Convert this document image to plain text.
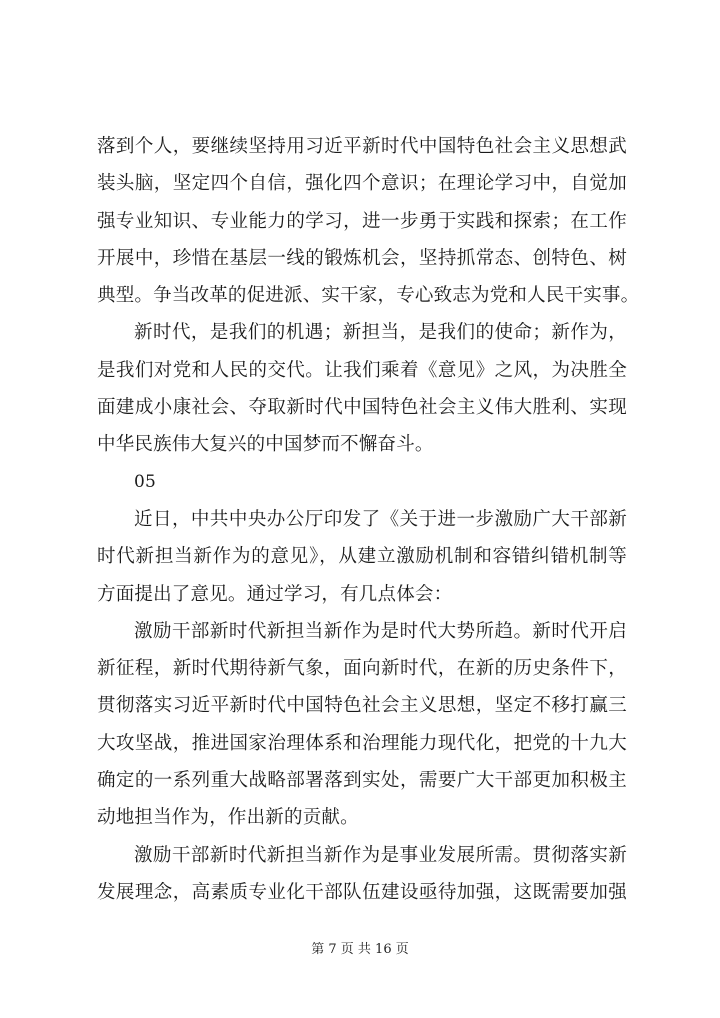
落到个人，要继续坚持用习近平新时代中国特色社会主义思想武
装头脑，坚定四个自信，强化四个意识；在理论学习中，自觉加
强专业知识、专业能力的学习，进一步勇于实践和探索；在工作
开展中，珍惜在基层一线的锻炼机会，坚持抓常态、创特色、树
典型。争当改革的促进派、实干家，专心致志为党和人民干实事。
新时代，是我们的机遇；新担当，是我们的使命；新作为，
是我们对党和人民的交代。让我们乘着《意见》之风，为决胜全
面建成小康社会、夺取新时代中国特色社会主义伟大胜利、实现
中华民族伟大复兴的中国梦而不懈奋斗。
05
近日，中共中央办公厅印发了《关于进一步激励广大干部新
时代新担当新作为的意见》，从建立激励机制和容错纠错机制等
方面提出了意见。通过学习，有几点体会：
激励干部新时代新担当新作为是时代大势所趋。新时代开启
新征程，新时代期待新气象，面向新时代，在新的历史条件下，
贯彻落实习近平新时代中国特色社会主义思想，坚定不移打赢三
大攻坚战，推进国家治理体系和治理能力现代化，把党的十九大
确定的一系列重大战略部署落到实处，需要广大干部更加积极主
动地担当作为，作出新的贡献。
激励干部新时代新担当新作为是事业发展所需。贯彻落实新
发展理念，高素质专业化干部队伍建设亟待加强，这既需要加强
第 7 页 共 16 页
